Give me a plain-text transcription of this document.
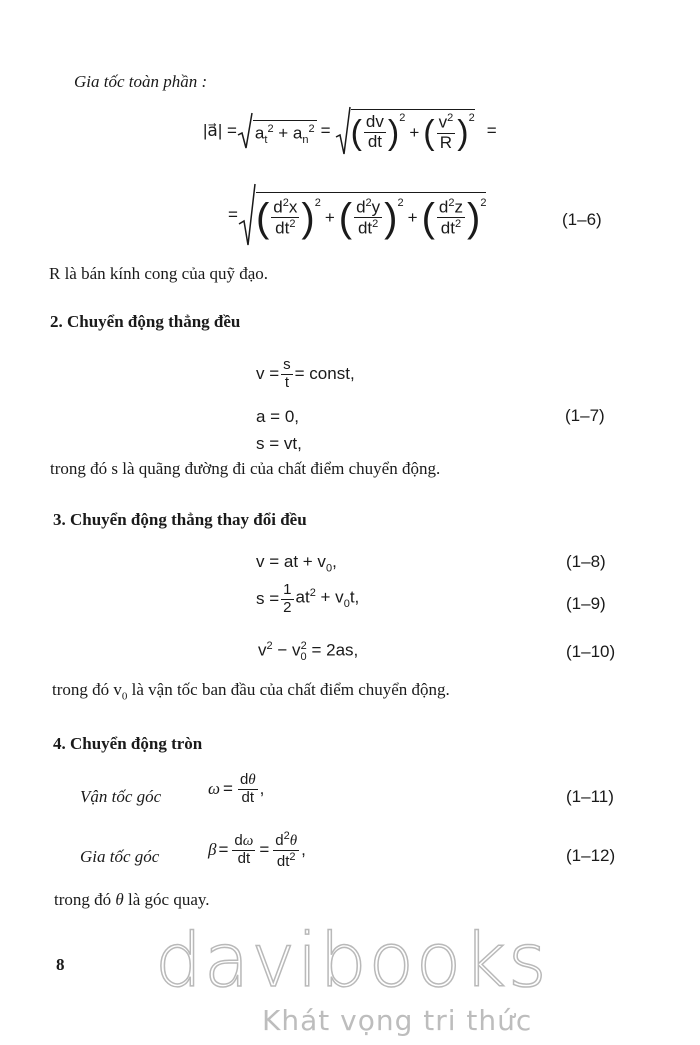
Gia tốc toàn phần :
|a⃗| = $a_t^2 + a_n^2$ = ( $\frac{dv}{dt} )^2$
+ ( $\frac{v^2}{R} )^2$
=
= ( $\frac{d^2x}{dt^2} )^2$
+ ( $\frac{d^2y}{dt^2} )^2$
+ ( $\frac{d^2z}{dt^2} )^2$
(1–6)
R là bán kính cong của quỹ đạo.
2. Chuyển động thẳng đều
$v = \frac{s}{t}$ = const,
a = 0,
s = vt,
(1–7)
trong đó s là quãng đường đi của chất điểm chuyển động.
3. Chuyển động thẳng thay đổi đều
v = at + $v_0$,	(1–8)
$s = \frac{1}{2} at^2 + v_0t$,	(1–9)
$v^2 - v_0^2 = 2as$,	(1–10)
trong đó $v_0$ là vận tốc ban đầu của chất điểm chuyển động.
4. Chuyển động tròn
Vận tốc góc	$\omega = \frac{d\theta}{dt}$ ,	(1–11)
Gia tốc góc	$\beta = \frac{d\omega}{dt} = \frac{d^2\theta}{dt^2}$ ,	(1–12)
trong đó θ là góc quay.
8 davibooks
Khát vọng tri thức
